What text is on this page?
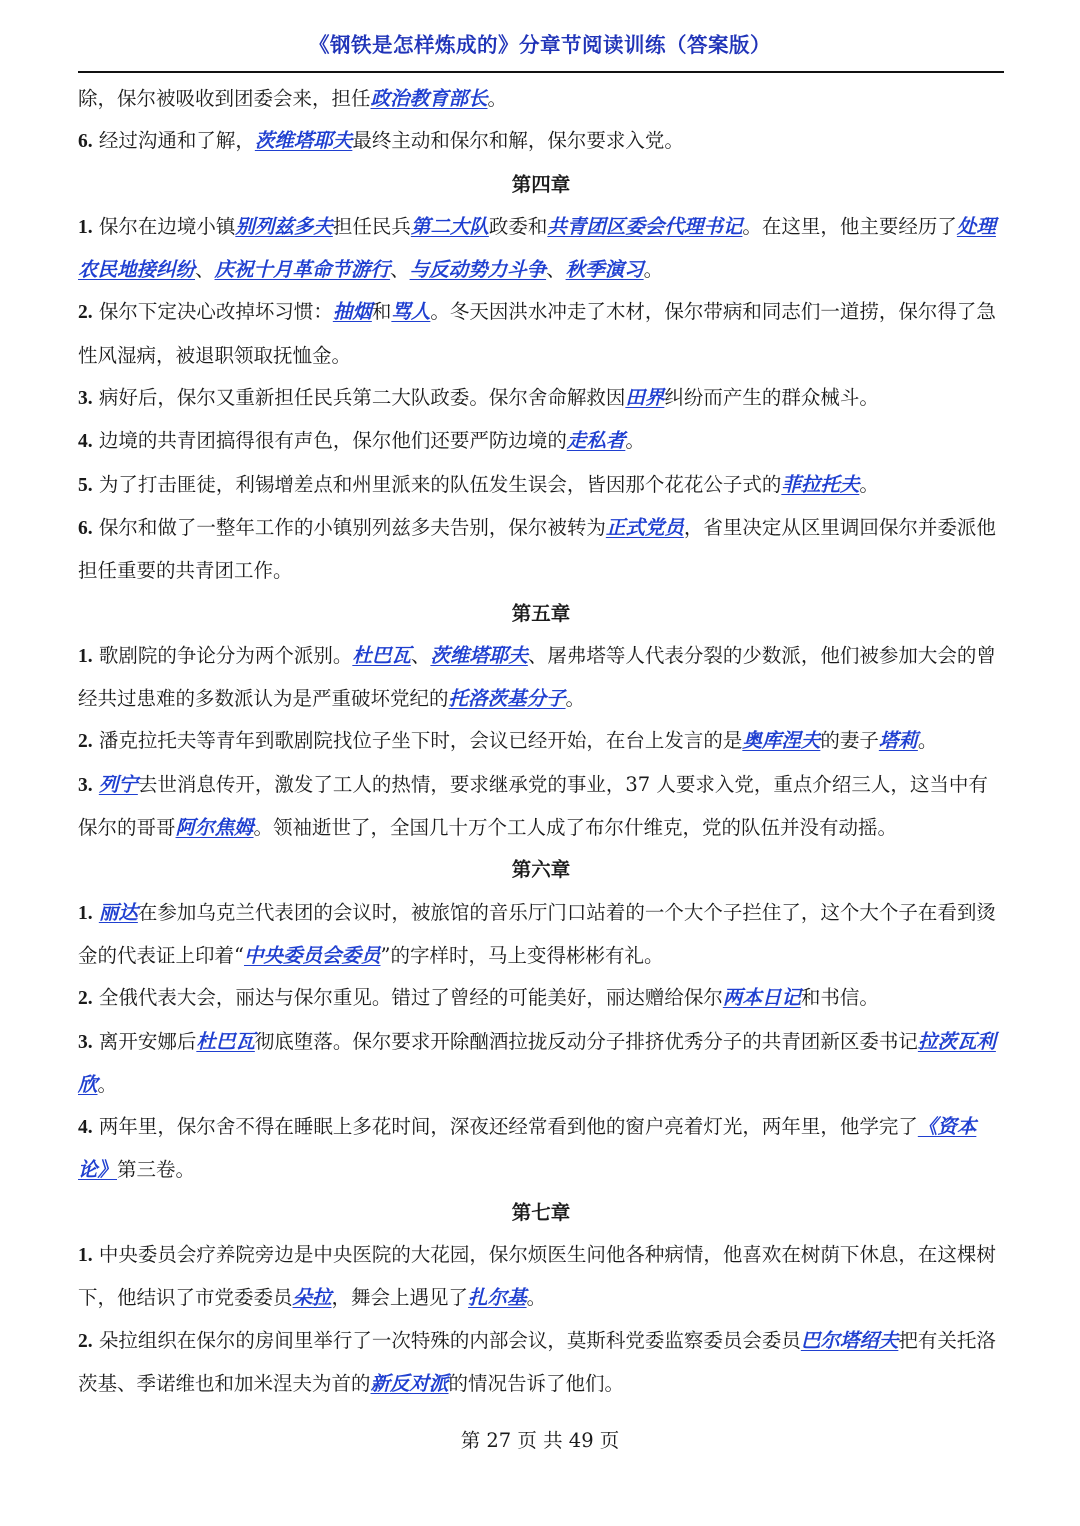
《钢铁是怎样炼成的》分章节阅读训练（答案版）

除，保尔被吸收到团委会来，担任政治教育部长。

6. 经过沟通和了解，茨维塔耶夫最终主动和保尔和解，保尔要求入党。

第四章

1. 保尔在边境小镇别列兹多夫担任民兵第二大队政委和共青团区委会代理书记。在这里，他主要经历了处理农民地接纠纷、庆祝十月革命节游行、与反动势力斗争、秋季演习。

2. 保尔下定决心改掉坏习惯：抽烟和骂人。冬天因洪水冲走了木材，保尔带病和同志们一道捞，保尔得了急性风湿病，被退职领取抚恤金。

3. 病好后，保尔又重新担任民兵第二大队政委。保尔舍命解救因田界纠纷而产生的群众械斗。

4. 边境的共青团搞得很有声色，保尔他们还要严防边境的走私者。

5. 为了打击匪徒，利锡增差点和州里派来的队伍发生误会，皆因那个花花公子式的菲拉托夫。

6. 保尔和做了一整年工作的小镇别列兹多夫告别，保尔被转为正式党员，省里决定从区里调回保尔并委派他担任重要的共青团工作。

第五章

1. 歌剧院的争论分为两个派别。杜巴瓦、茨维塔耶夫、屠弗塔等人代表分裂的少数派，他们被参加大会的曾经共过患难的多数派认为是严重破坏党纪的托洛茨基分子。

2. 潘克拉托夫等青年到歌剧院找位子坐下时，会议已经开始，在台上发言的是奥库涅夫的妻子塔莉。

3. 列宁去世消息传开，激发了工人的热情，要求继承党的事业，37 人要求入党，重点介绍三人，这当中有保尔的哥哥阿尔焦姆。领袖逝世了，全国几十万个工人成了布尔什维克，党的队伍并没有动摇。

第六章

1. 丽达在参加乌克兰代表团的会议时，被旅馆的音乐厅门口站着的一个大个子拦住了，这个大个子在看到烫金的代表证上印着“中央委员会委员”的字样时，马上变得彬彬有礼。

2. 全俄代表大会，丽达与保尔重见。错过了曾经的可能美好，丽达赠给保尔两本日记和书信。

3. 离开安娜后杜巴瓦彻底堕落。保尔要求开除酗酒拉拢反动分子排挤优秀分子的共青团新区委书记拉茨瓦利欣。

4. 两年里，保尔舍不得在睡眠上多花时间，深夜还经常看到他的窗户亮着灯光，两年里，他学完了《资本论》第三卷。

第七章

1. 中央委员会疗养院旁边是中央医院的大花园，保尔烦医生问他各种病情，他喜欢在树荫下休息，在这棵树下，他结识了市党委委员朵拉，舞会上遇见了扎尔基。

2. 朵拉组织在保尔的房间里举行了一次特殊的内部会议，莫斯科党委监察委员会委员巴尔塔绍夫把有关托洛茨基、季诺维也和加米涅夫为首的新反对派的情况告诉了他们。

第 27 页 共 49 页
